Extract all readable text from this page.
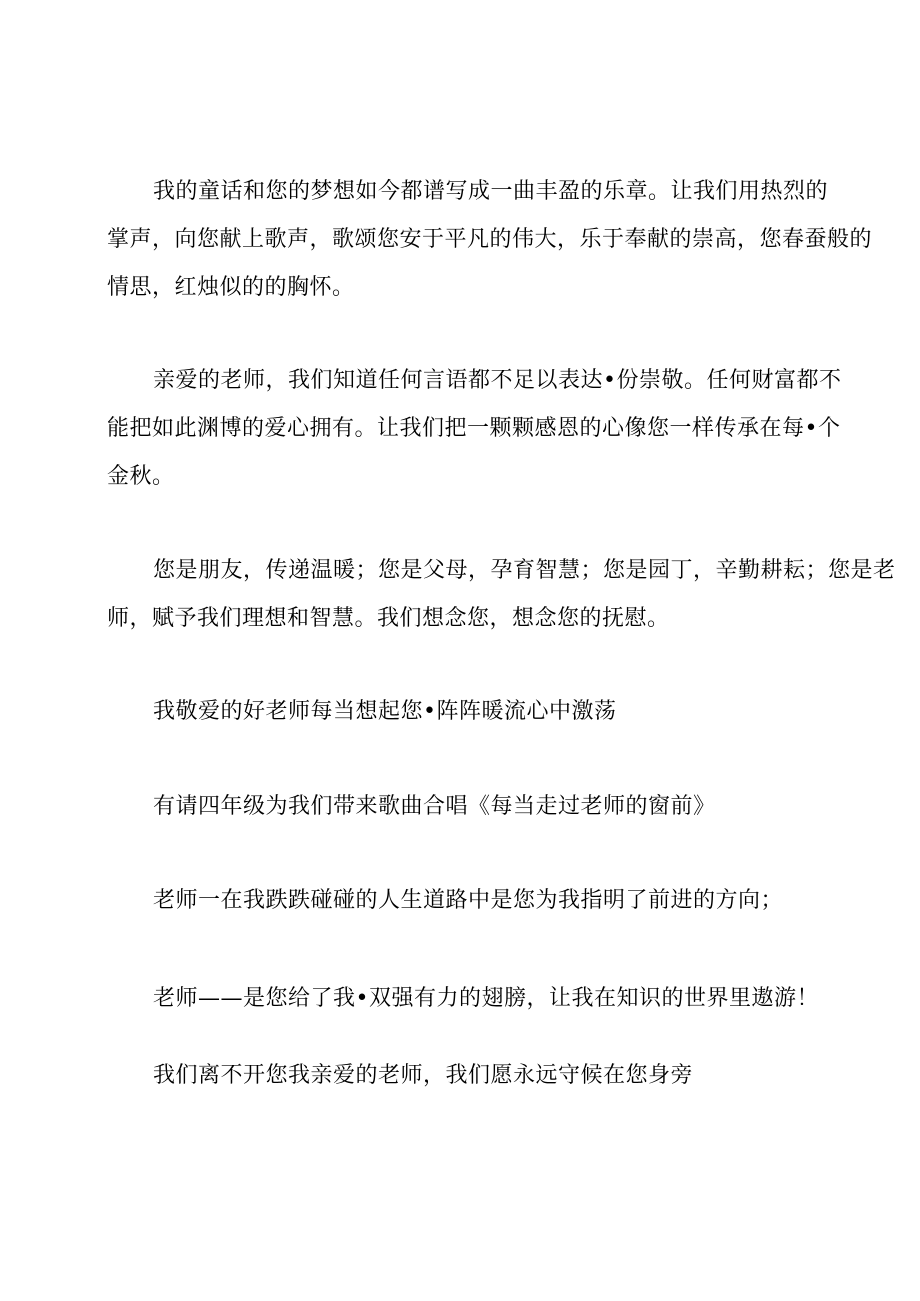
我的童话和您的梦想如今都谱写成一曲丰盈的乐章。让我们用热烈的
掌声，向您献上歌声，歌颂您安于平凡的伟大，乐于奉献的崇高，您春蚕般的
情思，红烛似的的胸怀。
亲爱的老师，我们知道任何言语都不足以表达•份崇敬。任何财富都不
能把如此渊博的爱心拥有。让我们把一颗颗感恩的心像您一样传承在每•个
金秋。
您是朋友，传递温暖；您是父母，孕育智慧；您是园丁，辛勤耕耘；您是老
师，赋予我们理想和智慧。我们想念您，想念您的抚慰。
我敬爱的好老师每当想起您•阵阵暖流心中激荡
有请四年级为我们带来歌曲合唱《每当走过老师的窗前》
老师一在我跌跌碰碰的人生道路中是您为我指明了前进的方向；
老师——是您给了我•双强有力的翅膀，让我在知识的世界里遨游！
我们离不开您我亲爱的老师，我们愿永远守候在您身旁
